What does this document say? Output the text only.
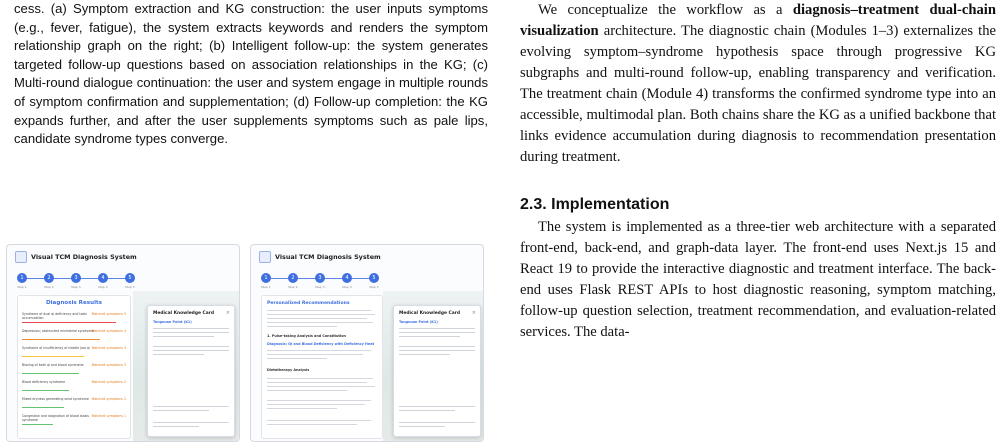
cess. (a) Symptom extraction and KG construction: the user inputs symptoms (e.g., fever, fatigue), the system extracts keywords and renders the symptom relationship graph on the right; (b) Intelligent follow-up: the system generates targeted follow-up questions based on association relationships in the KG; (c) Multi-round dialogue continuation: the user and system engage in multiple rounds of symptom confirmation and supplementation; (d) Follow-up completion: the KG expands further, and after the user supplements symptoms such as pale lips, candidate syndrome types converge.

Visual TCM Diagnosis System
1	2	3	4	5
Step 1	Step 2	Step 3	Step 4	Step 5
Diagnosis Results
Syndrome of dual qi deficiency and toxin accumulation
Matched symptoms 5
Depression; obstructed ministerial syndrome
Matched symptoms 4
Syndrome of insufficiency of middle jiao qi Matched symptoms 3
Blazing of both qi and blood syndrome	Matched symptoms 3
Blood deficiency syndrome	Matched symptoms 2
Mixed dryness generating wind syndrome Matched symptoms 2
Congestion and stagnation of blood stasis syndrome
Matched symptoms 1
Medical Knowledge Card ×
Tongxuan Point (K1)
Visual TCM Diagnosis System
1	2	3	4	5
Step 1	Step 2	Step 3	Step 4	Step 5
Personalized Recommendations
1. Pulse-taking Analysis and Constitution
Diagnosis: Qi and Blood Deficiency with Deficiency Heat
Dietotherapy Analysis
Medical Knowledge Card ×
Tongxuan Point (K1)

We conceptualize the workflow as a diagnosis–treatment dual-chain visualization architecture. The diagnostic chain (Modules 1–3) externalizes the evolving symptom–syndrome hypothesis space through progressive KG subgraphs and multi-round follow-up, enabling transparency and verification. The treatment chain (Module 4) transforms the confirmed syndrome type into an accessible, multimodal plan. Both chains share the KG as a unified backbone that links evidence accumulation during diagnosis to recommendation presentation during treatment.

2.3. Implementation

The system is implemented as a three-tier web architecture with a separated front-end, back-end, and graph-data layer. The front-end uses Next.js 15 and React 19 to provide the interactive diagnostic and treatment interface. The back-end uses Flask REST APIs to host diagnostic reasoning, symptom matching, follow-up question selection, treatment recommendation, and evaluation-related services. The data-
